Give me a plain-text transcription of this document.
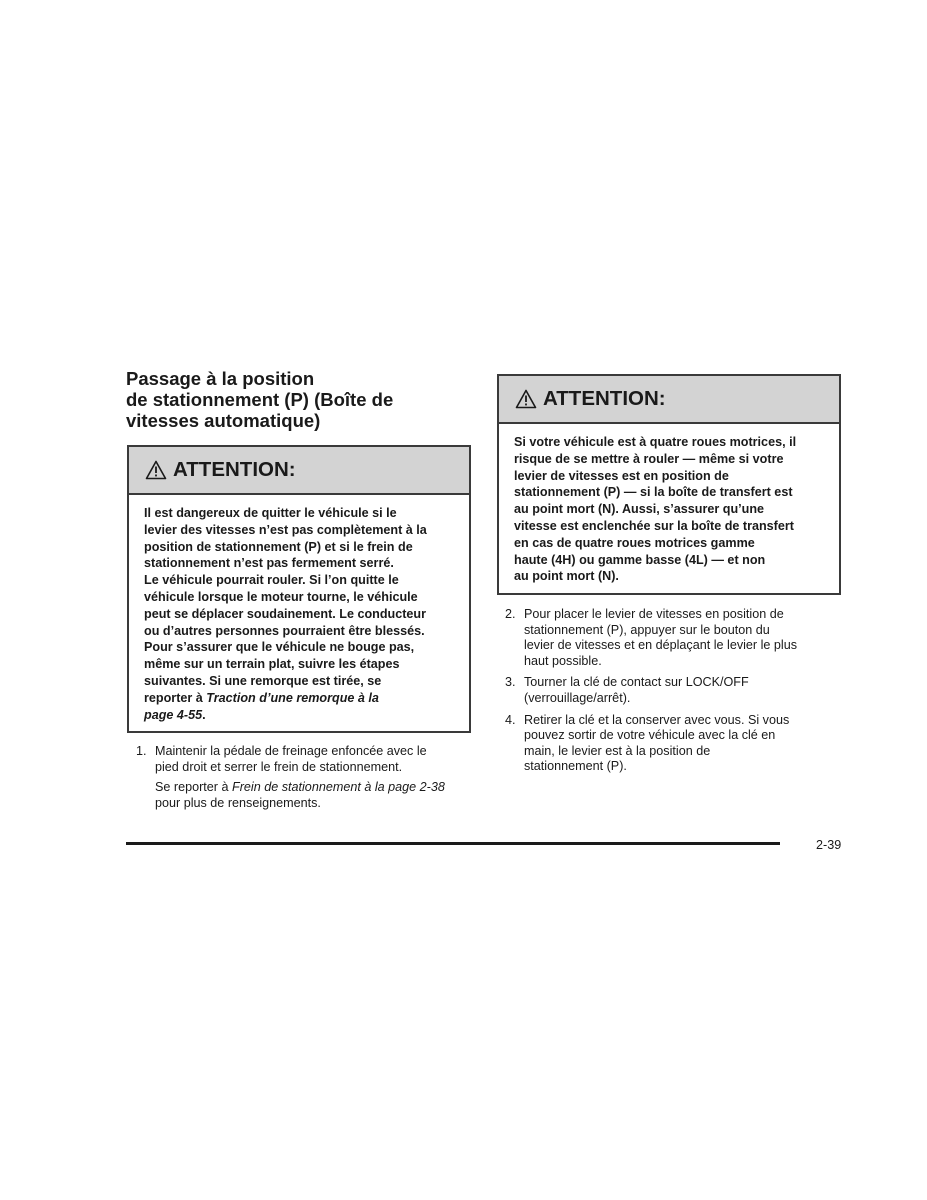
Passage à la position
de stationnement (P) (Boîte de
vitesses automatique)
ATTENTION:
Il est dangereux de quitter le véhicule si le
levier des vitesses n’est pas complètement à la
position de stationnement (P) et si le frein de
stationnement n’est pas fermement serré.
Le véhicule pourrait rouler. Si l’on quitte le
véhicule lorsque le moteur tourne, le véhicule
peut se déplacer soudainement. Le conducteur
ou d’autres personnes pourraient être blessés.
Pour s’assurer que le véhicule ne bouge pas,
même sur un terrain plat, suivre les étapes
suivantes. Si une remorque est tirée, se
reporter à Traction d’une remorque à la
page 4-55.
1. Maintenir la pédale de freinage enfoncée avec le
pied droit et serrer le frein de stationnement.
Se reporter à Frein de stationnement à la page 2-38
pour plus de renseignements.
ATTENTION:
Si votre véhicule est à quatre roues motrices, il
risque de se mettre à rouler — même si votre
levier de vitesses est en position de
stationnement (P) — si la boîte de transfert est
au point mort (N). Aussi, s’assurer qu’une
vitesse est enclenchée sur la boîte de transfert
en cas de quatre roues motrices gamme
haute (4H) ou gamme basse (4L) — et non
au point mort (N).
2. Pour placer le levier de vitesses en position de
stationnement (P), appuyer sur le bouton du
levier de vitesses et en déplaçant le levier le plus
haut possible.
3. Tourner la clé de contact sur LOCK/OFF
(verrouillage/arrêt).
4. Retirer la clé et la conserver avec vous. Si vous
pouvez sortir de votre véhicule avec la clé en
main, le levier est à la position de
stationnement (P).
2-39
